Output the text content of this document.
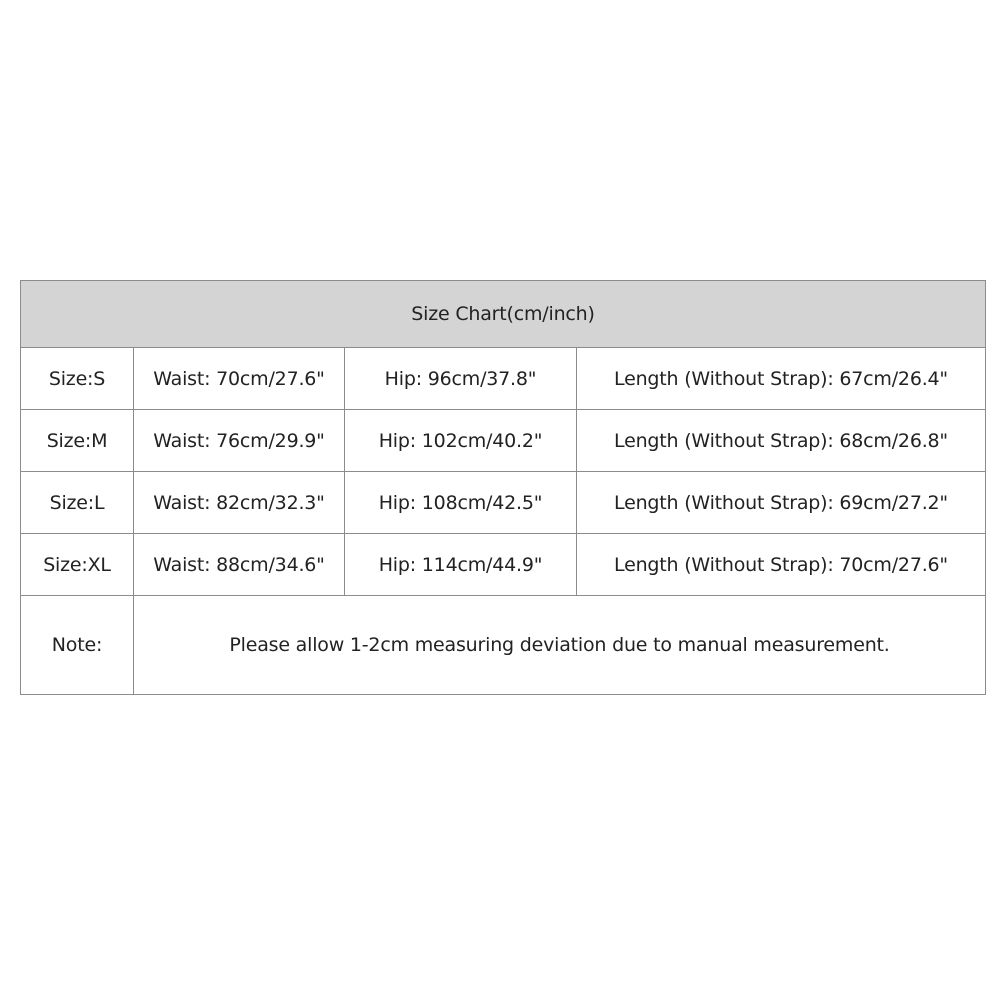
Size Chart(cm/inch)			
Size:S	Waist: 70cm/27.6"	Hip: 96cm/37.8"	Length (Without Strap): 67cm/26.4"
Size:M	Waist: 76cm/29.9"	Hip: 102cm/40.2"	Length (Without Strap): 68cm/26.8"
Size:L	Waist: 82cm/32.3"	Hip: 108cm/42.5"	Length (Without Strap): 69cm/27.2"
Size:XL	Waist: 88cm/34.6"	Hip: 114cm/44.9"	Length (Without Strap): 70cm/27.6"
Note:	Please allow 1-2cm measuring deviation due to manual measurement.		
